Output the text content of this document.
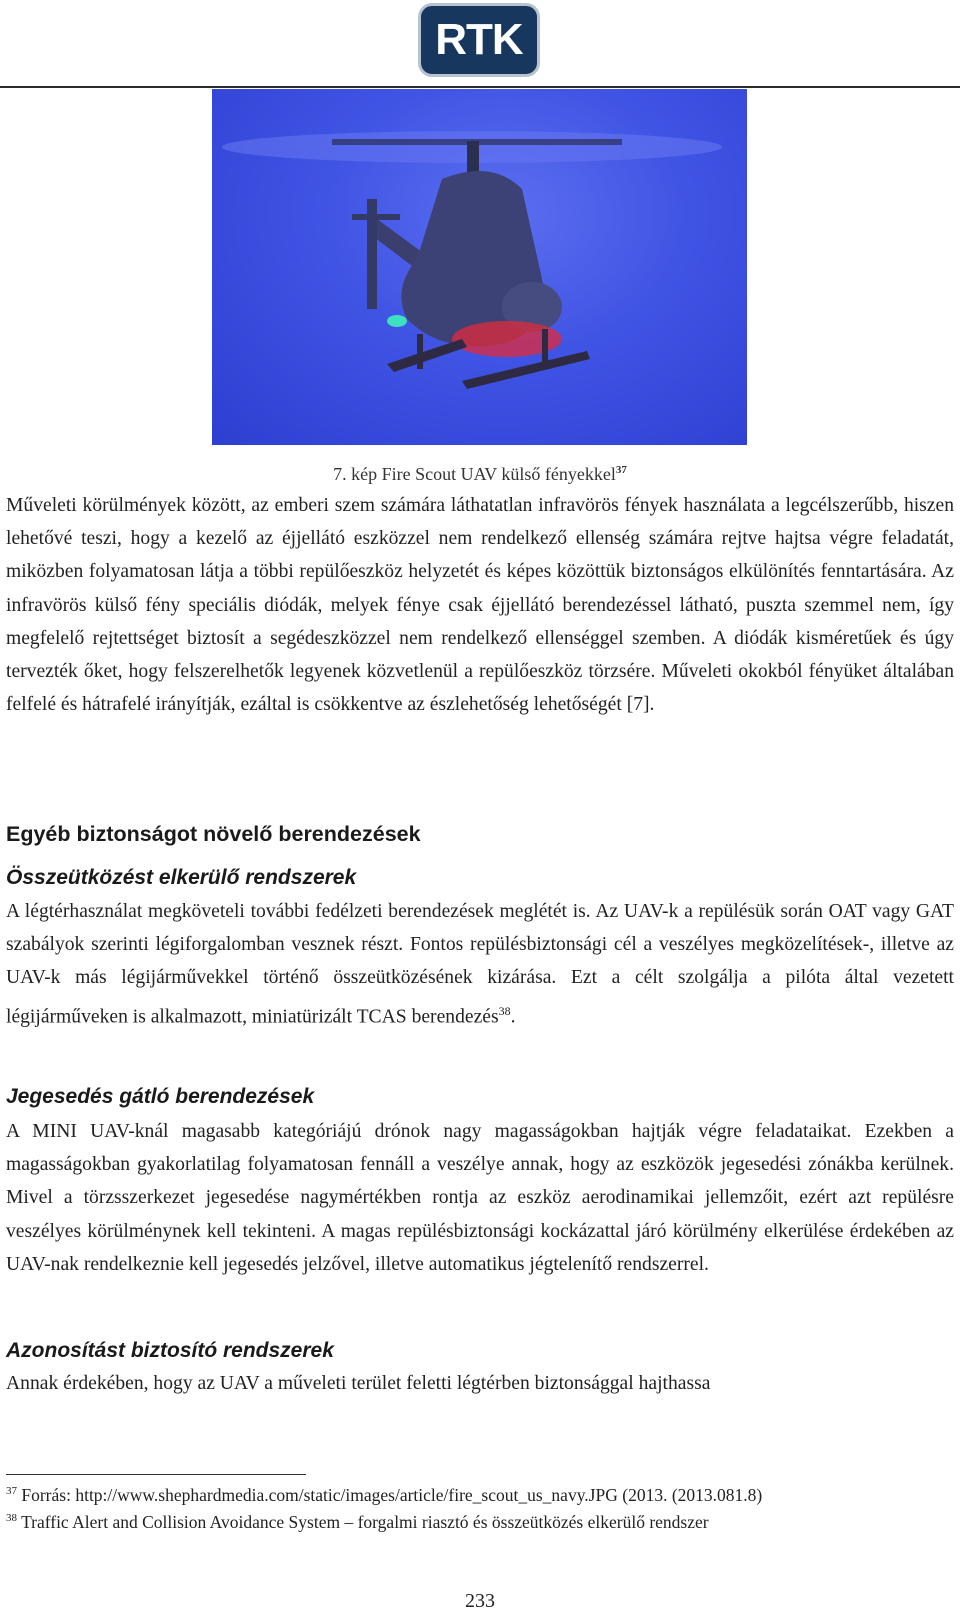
RTK
7. kép Fire Scout UAV külső fényekkel$^{37}$

Műveleti körülmények között, az emberi szem számára láthatatlan infravörös fények használata a legcélszerűbb, hiszen lehetővé teszi, hogy a kezelő az éjjellátó eszközzel nem rendelkező ellenség számára rejtve hajtsa végre feladatát, miközben folyamatosan látja a többi repülőeszköz helyzetét és képes közöttük biztonságos elkülönítés fenntartására. Az infravörös külső fény speciális diódák, melyek fénye csak éjjellátó berendezéssel látható, puszta szemmel nem, így megfelelő rejtettséget biztosít a segédeszközzel nem rendelkező ellenséggel szemben. A diódák kisméretűek és úgy tervezték őket, hogy felszerelhetők legyenek közvetlenül a repülőeszköz törzsére. Műveleti okokból fényüket általában felfelé és hátrafelé irányítják, ezáltal is csökkentve az észlehetőség lehetőségét [7].

Egyéb biztonságot növelő berendezések
Összeütközést elkerülő rendszerek

A légtérhasználat megköveteli további fedélzeti berendezések meglétét is. Az UAV-k a repülésük során OAT vagy GAT szabályok szerinti légiforgalomban vesznek részt. Fontos repülésbiztonsági cél a veszélyes megközelítések-, illetve az UAV-k más légijárművekkel történő összeütközésének kizárása. Ezt a célt szolgálja a pilóta által vezetett légijárműveken is alkalmazott, miniatürizált TCAS berendezés$^{38}$.

Jegesedés gátló berendezések

A MINI UAV-knál magasabb kategóriájú drónok nagy magasságokban hajtják végre feladataikat. Ezekben a magasságokban gyakorlatilag folyamatosan fennáll a veszélye annak, hogy az eszközök jegesedési zónákba kerülnek. Mivel a törzsszerkezet jegesedése nagymértékben rontja az eszköz aerodinamikai jellemzőit, ezért azt repülésre veszélyes körülménynek kell tekinteni. A magas repülésbiztonsági kockázattal járó körülmény elkerülése érdekében az UAV-nak rendelkeznie kell jegesedés jelzővel, illetve automatikus jégtelenítő rendszerrel.

Azonosítást biztosító rendszerek

Annak érdekében, hogy az UAV a műveleti terület feletti légtérben biztonsággal hajthassa

$^{37}$ Forrás: http://www.shephardmedia.com/static/images/article/fire_scout_us_navy.JPG (2013. (2013.081.8)

$^{38}$ Traffic Alert and Collision Avoidance System – forgalmi riasztó és összeütközés elkerülő rendszer

233
